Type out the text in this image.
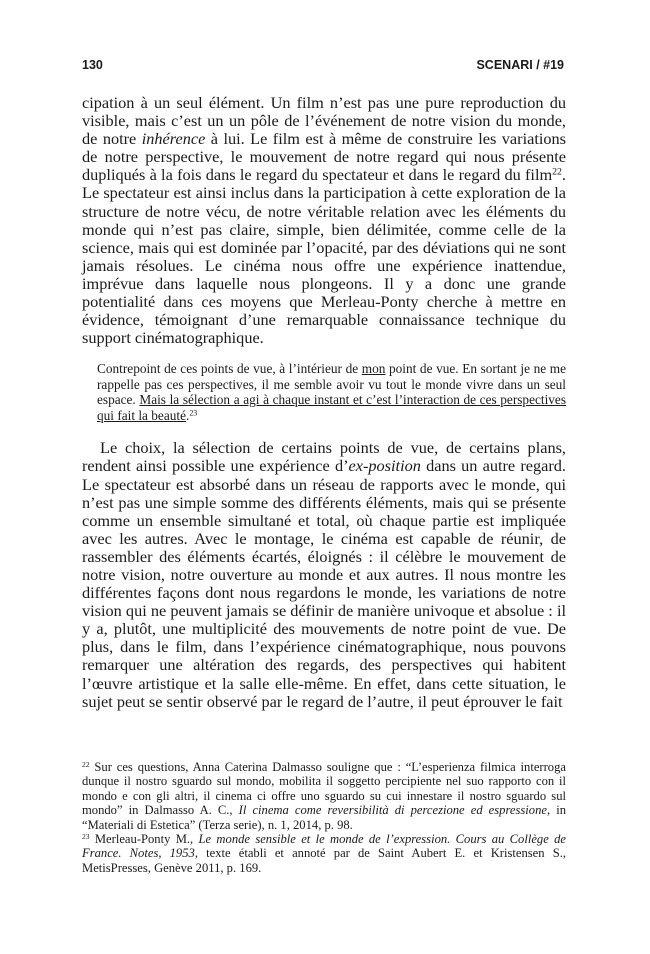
130	SCENARI / #19

cipation à un seul élément. Un film n’est pas une pure reproduction du visible, mais c’est un un pôle de l’événement de notre vision du monde, de notre inhérence à lui. Le film est à même de construire les variations de notre perspective, le mouvement de notre regard qui nous présente dupliqués à la fois dans le regard du spectateur et dans le regard du film$^{22}$. Le spectateur est ainsi inclus dans la participation à cette exploration de la structure de notre vécu, de notre véritable relation avec les éléments du monde qui n’est pas claire, simple, bien délimitée, comme celle de la science, mais qui est dominée par l’opacité, par des déviations qui ne sont jamais résolues. Le cinéma nous offre une expérience inattendue, imprévue dans laquelle nous plongeons. Il y a donc une grande potentialité dans ces moyens que Merleau-Ponty cherche à mettre en évidence, témoignant d’une remarquable connaissance technique du support cinématographique.

Contrepoint de ces points de vue, à l’intérieur de mon point de vue. En sortant je ne me rappelle pas ces perspectives, il me semble avoir vu tout le monde vivre dans un seul espace. Mais la sélection a agi à chaque instant et c’est l’interaction de ces perspectives qui fait la beauté.$^{23}$

Le choix, la sélection de certains points de vue, de certains plans, rendent ainsi possible une expérience d’ex-position dans un autre regard. Le spectateur est absorbé dans un réseau de rapports avec le monde, qui n’est pas une simple somme des différents éléments, mais qui se présente comme un ensemble simultané et total, où chaque partie est impliquée avec les autres. Avec le montage, le cinéma est capable de réunir, de rassembler des éléments écartés, éloignés : il célèbre le mouvement de notre vision, notre ouverture au monde et aux autres. Il nous montre les différentes façons dont nous regardons le monde, les variations de notre vision qui ne peuvent jamais se définir de manière univoque et absolue : il y a, plutôt, une multiplicité des mouvements de notre point de vue. De plus, dans le film, dans l’expérience cinématographique, nous pouvons remarquer une altération des regards, des perspectives qui habitent l’œuvre artistique et la salle elle-même. En effet, dans cette situation, le sujet peut se sentir observé par le regard de l’autre, il peut éprouver le fait

$^{22}$ Sur ces questions, Anna Caterina Dalmasso souligne que : “L’esperienza filmica interroga dunque il nostro sguardo sul mondo, mobilita il soggetto percipiente nel suo rapporto con il mondo e con gli altri, il cinema ci offre uno sguardo su cui innestare il nostro sguardo sul mondo” in Dalmasso A. C., Il cinema come reversibilità di percezione ed espressione, in “Materiali di Estetica” (Terza serie), n. 1, 2014, p. 98.

$^{23}$ Merleau-Ponty M., Le monde sensible et le monde de l’expression. Cours au Collège de France. Notes, 1953, texte établi et annoté par de Saint Aubert E. et Kristensen S., MetisPresses, Genève 2011, p. 169.
